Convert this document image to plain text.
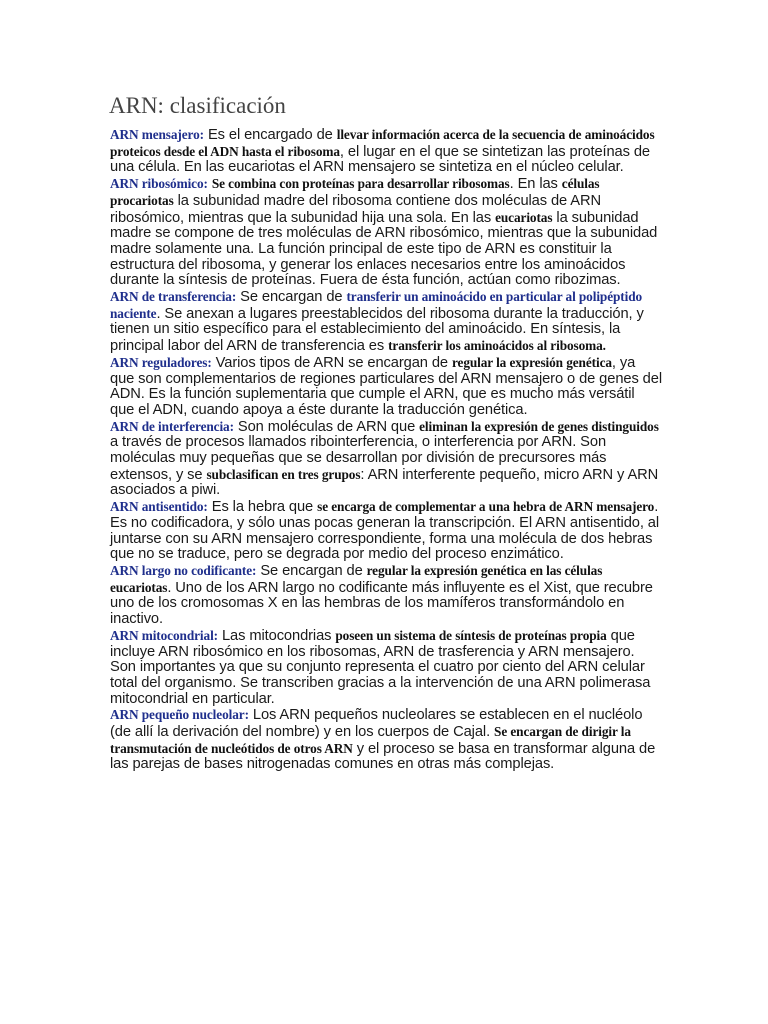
ARN: clasificación

ARN mensajero: Es el encargado de llevar información acerca de la secuencia de aminoácidos proteicos desde el ADN hasta el ribosoma, el lugar en el que se sintetizan las proteínas de una célula. En las eucariotas el ARN mensajero se sintetiza en el núcleo celular.

ARN ribosómico: Se combina con proteínas para desarrollar ribosomas. En las células procariotas la subunidad madre del ribosoma contiene dos moléculas de ARN ribosómico, mientras que la subunidad hija una sola. En las eucariotas la subunidad madre se compone de tres moléculas de ARN ribosómico, mientras que la subunidad madre solamente una. La función principal de este tipo de ARN es constituir la estructura del ribosoma, y generar los enlaces necesarios entre los aminoácidos durante la síntesis de proteínas. Fuera de ésta función, actúan como ribozimas.

ARN de transferencia: Se encargan de transferir un aminoácido en particular al polipéptido naciente. Se anexan a lugares preestablecidos del ribosoma durante la traducción, y tienen un sitio específico para el establecimiento del aminoácido. En síntesis, la principal labor del ARN de transferencia es transferir los aminoácidos al ribosoma.

ARN reguladores: Varios tipos de ARN se encargan de regular la expresión genética, ya que son complementarios de regiones particulares del ARN mensajero o de genes del ADN. Es la función suplementaria que cumple el ARN, que es mucho más versátil que el ADN, cuando apoya a éste durante la traducción genética.

ARN de interferencia: Son moléculas de ARN que eliminan la expresión de genes distinguidos a través de procesos llamados ribointerferencia, o interferencia por ARN. Son moléculas muy pequeñas que se desarrollan por división de precursores más extensos, y se subclasifican en tres grupos: ARN interferente pequeño, micro ARN y ARN asociados a piwi.

ARN antisentido: Es la hebra que se encarga de complementar a una hebra de ARN mensajero. Es no codificadora, y sólo unas pocas generan la transcripción. El ARN antisentido, al juntarse con su ARN mensajero correspondiente, forma una molécula de dos hebras que no se traduce, pero se degrada por medio del proceso enzimático.

ARN largo no codificante: Se encargan de regular la expresión genética en las células eucariotas. Uno de los ARN largo no codificante más influyente es el Xist, que recubre uno de los cromosomas X en las hembras de los mamíferos transformándolo en inactivo.

ARN mitocondrial: Las mitocondrias poseen un sistema de síntesis de proteínas propia que incluye ARN ribosómico en los ribosomas, ARN de trasferencia y ARN mensajero. Son importantes ya que su conjunto representa el cuatro por ciento del ARN celular total del organismo. Se transcriben gracias a la intervención de una ARN polimerasa mitocondrial en particular.

ARN pequeño nucleolar: Los ARN pequeños nucleolares se establecen en el nucléolo (de allí la derivación del nombre) y en los cuerpos de Cajal. Se encargan de dirigir la transmutación de nucleótidos de otros ARN y el proceso se basa en transformar alguna de las parejas de bases nitrogenadas comunes en otras más complejas.
